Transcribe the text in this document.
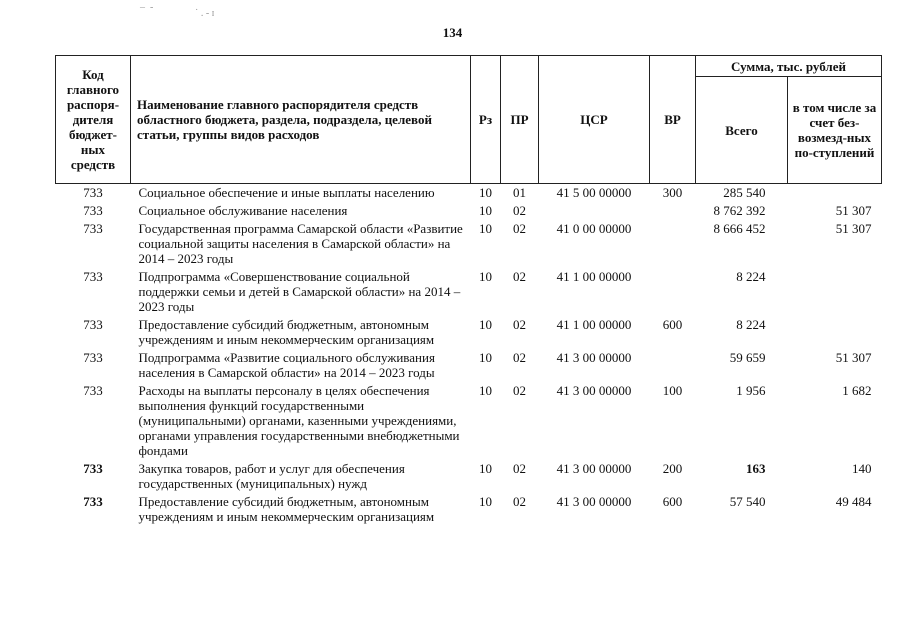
–  ‐
˙ . - ɪ
134
Код главного распоря-дителя бюджет-ных средств	Наименование главного распорядителя средств областного бюджета, раздела, подраздела, целевой статьи, группы видов расходов	Рз	ПР	ЦСР	ВР	Сумма, тыс. рублей	
						Всего	в том числе за счет без-возмезд-ных по-ступлений
733	Социальное обеспечение и иные выплаты населению	10	01	41 5 00 00000	300	285 540	
733	Социальное обслуживание населения	10	02			8 762 392	51 307
733	Государственная программа Самарской области «Развитие социальной защиты населения в Самарской области» на 2014 – 2023 годы	10	02	41 0 00 00000		8 666 452	51 307
733	Подпрограмма «Совершенствование социальной поддержки семьи и детей в Самарской области» на 2014 – 2023 годы	10	02	41 1 00 00000		8 224	
733	Предоставление субсидий бюджетным, автономным учреждениям и иным некоммерческим организациям	10	02	41 1 00 00000	600	8 224	
733	Подпрограмма «Развитие социального обслуживания населения в Самарской области» на 2014 – 2023 годы	10	02	41 3 00 00000		59 659	51 307
733	Расходы на выплаты персоналу в целях обеспечения выполнения функций государственными (муниципальными) органами, казенными учреждениями, органами управления государственными внебюджетными фондами	10	02	41 3 00 00000	100	1 956	1 682
733	Закупка товаров, работ и услуг для обеспечения государственных (муниципальных) нужд	10	02	41 3 00 00000	200	163	140
733	Предоставление субсидий бюджетным, автономным учреждениям и иным некоммерческим организациям	10	02	41 3 00 00000	600	57 540	49 484
